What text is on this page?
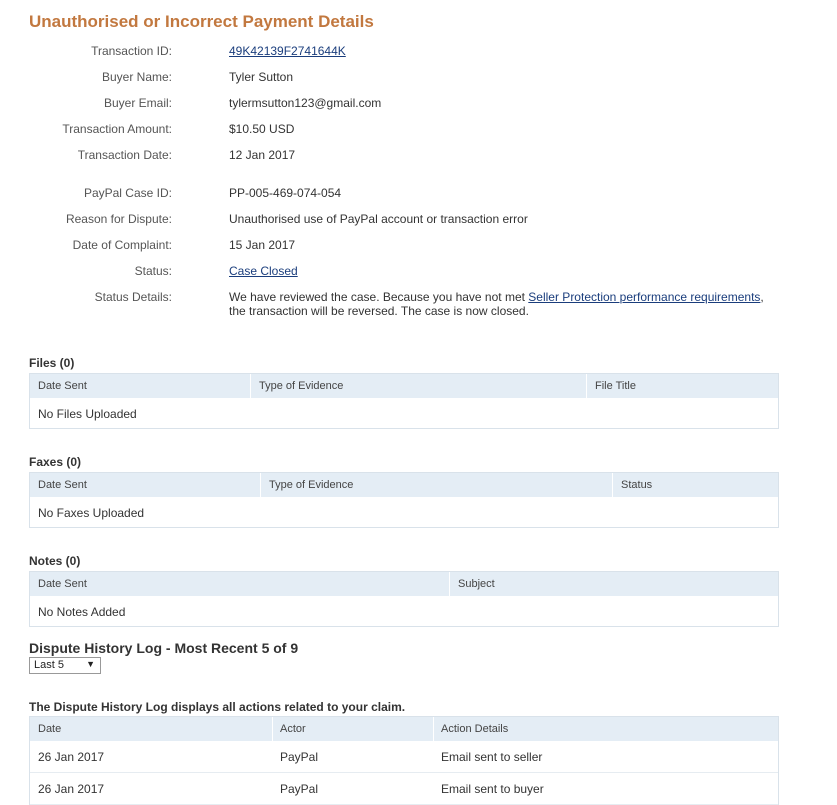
Unauthorised or Incorrect Payment Details
Transaction ID:	49K42139F2741644K
Buyer Name:	Tyler Sutton
Buyer Email:	tylermsutton123@gmail.com
Transaction Amount:	$10.50 USD
Transaction Date:	12 Jan 2017
PayPal Case ID:	PP-005-469-074-054
Reason for Dispute:	Unauthorised use of PayPal account or transaction error
Date of Complaint:	15 Jan 2017
Status:	Case Closed
Status Details:	We have reviewed the case. Because you have not met Seller Protection performance requirements,
the transaction will be reversed. The case is now closed.
Files (0)
Date Sent	Type of Evidence	File Title
No Files Uploaded
Faxes (0)
Date Sent	Type of Evidence	Status
No Faxes Uploaded
Notes (0)
Date Sent	Subject
No Notes Added
Dispute History Log - Most Recent 5 of 9
Last 5 ▼
The Dispute History Log displays all actions related to your claim.
Date	Actor	Action Details
26 Jan 2017	PayPal	Email sent to seller
26 Jan 2017	PayPal	Email sent to buyer
